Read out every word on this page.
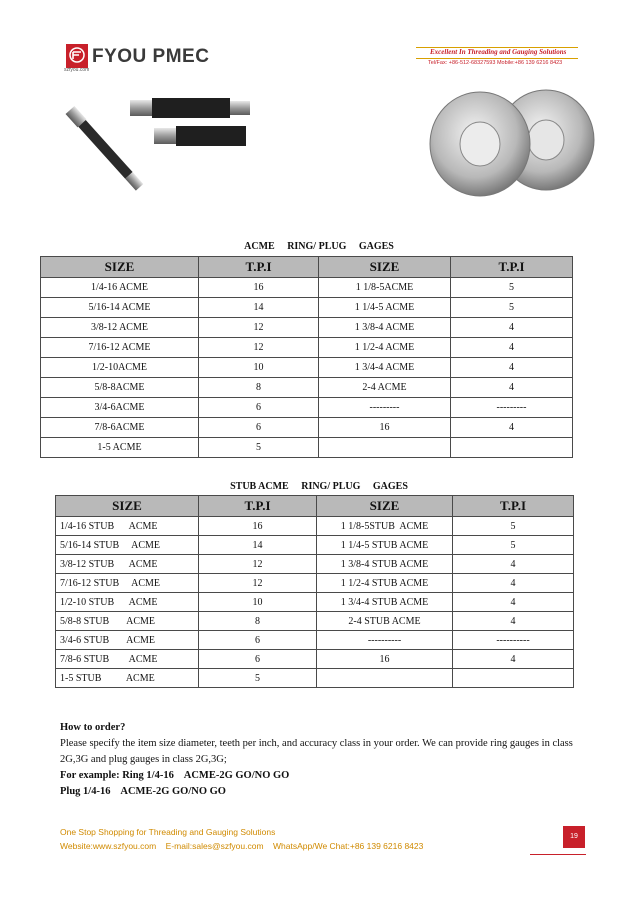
szfyou.com
FYOU PMEC	Excellent In Threading and Gauging Solutions
Tel/Fax: +86-512-68327593 Mobile:+86 139 6216 8423
ACME RING/ PLUG GAGES
SIZE	T.P.I	SIZE	T.P.I
1/4-16 ACME	16	1 1/8-5ACME	5
5/16-14 ACME	14	1 1/4-5 ACME	5
3/8-12 ACME	12	1 3/8-4 ACME	4
7/16-12 ACME	12	1 1/2-4 ACME	4
1/2-10ACME	10	1 3/4-4 ACME	4
5/8-8ACME	8	2-4 ACME	4
3/4-6ACME	6	---------	---------
7/8-6ACME	6	16	4
1-5 ACME	5		
STUB ACME RING/ PLUG GAGES
SIZE	T.P.I	SIZE	T.P.I
1/4-16 STUB      ACME	16	1 1/8-5STUB  ACME	5
5/16-14 STUB     ACME	14	1 1/4-5 STUB ACME	5
3/8-12 STUB      ACME	12	1 3/8-4 STUB ACME	4
7/16-12 STUB     ACME	12	1 1/2-4 STUB ACME	4
1/2-10 STUB      ACME	10	1 3/4-4 STUB ACME	4
5/8-8 STUB       ACME	8	2-4 STUB ACME	4
3/4-6 STUB       ACME	6	----------	----------
7/8-6 STUB        ACME	6	16	4
1-5 STUB          ACME	5		

How to order?

Please specify the item size diameter, teeth per inch, and accuracy class in your order. We can provide ring gauges in class 2G,3G and plug gauges in class 2G,3G;

For example: Ring 1/4-16    ACME-2G GO/NO GO

Plug 1/4-16    ACME-2G GO/NO GO

One Stop Shopping for Threading and Gauging Solutions
Website:www.szfyou.com    E-mail:sales@szfyou.com    WhatsApp/We Chat:+86 139 6216 8423
19
